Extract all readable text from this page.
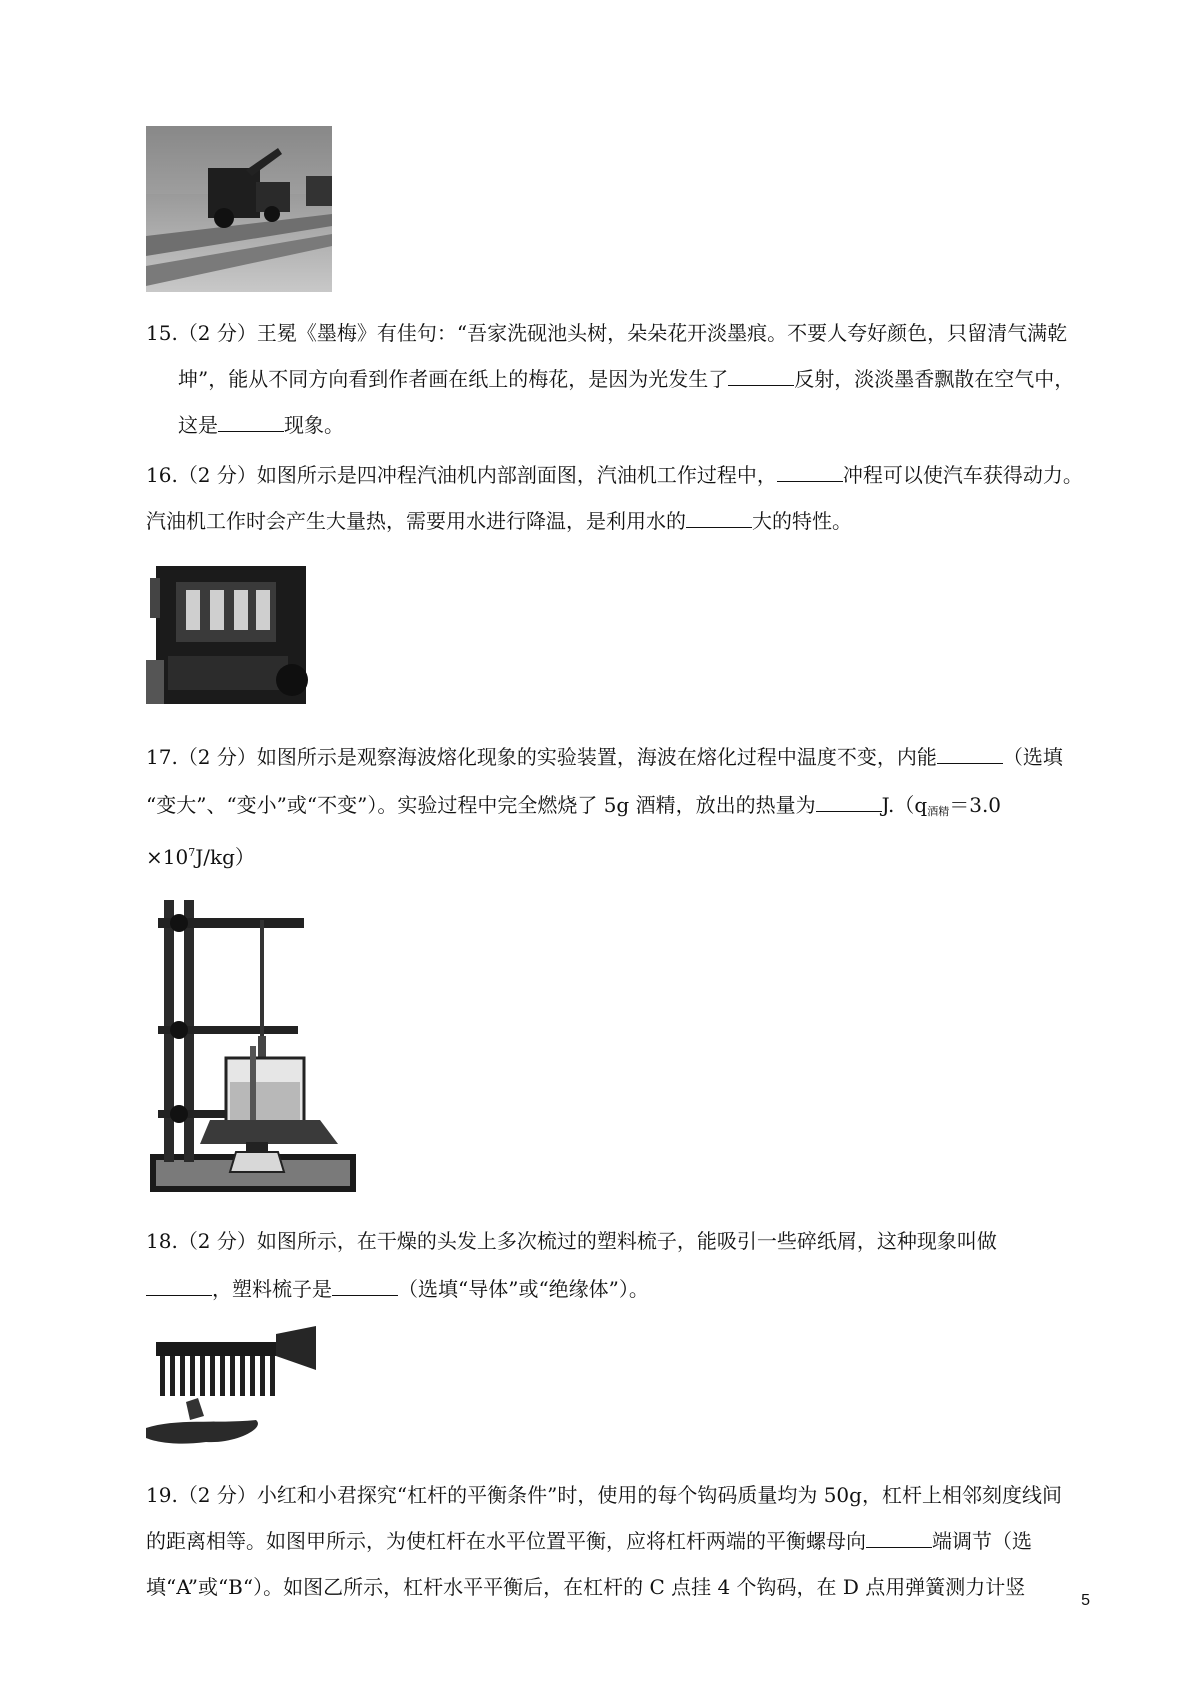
15.（2 分）王冕《墨梅》有佳句：“吾家洗砚池头树，朵朵花开淡墨痕。不要人夸好颜色，只留清气满乾
坤”，能从不同方向看到作者画在纸上的梅花，是因为光发生了	反射，淡淡墨香飘散在空气中，
这是	现象。
16.（2 分）如图所示是四冲程汽油机内部剖面图，汽油机工作过程中，	冲程可以使汽车获得动力。
汽油机工作时会产生大量热，需要用水进行降温，是利用水的	大的特性。
17.（2 分）如图所示是观察海波熔化现象的实验装置，海波在熔化过程中温度不变，内能	（选填
“变大”、“变小”或“不变”）。实验过程中完全燃烧了 5g 酒精，放出的热量为	$J.(q_{酒精}=3.0$
$\times 10^7J/kg$）
18.（2 分）如图所示，在干燥的头发上多次梳过的塑料梳子，能吸引一些碎纸屑，这种现象叫做
，塑料梳子是	（选填“导体”或“绝缘体”）。
19.（2 分）小红和小君探究“杠杆的平衡条件”时，使用的每个钩码质量均为 50g，杠杆上相邻刻度线间
的距离相等。如图甲所示，为使杠杆在水平位置平衡，应将杠杆两端的平衡螺母向	端调节（选
填“A”或“B“）。如图乙所示，杠杆水平平衡后，在杠杆的 C 点挂 4 个钩码，在 D 点用弹簧测力计竖
5
